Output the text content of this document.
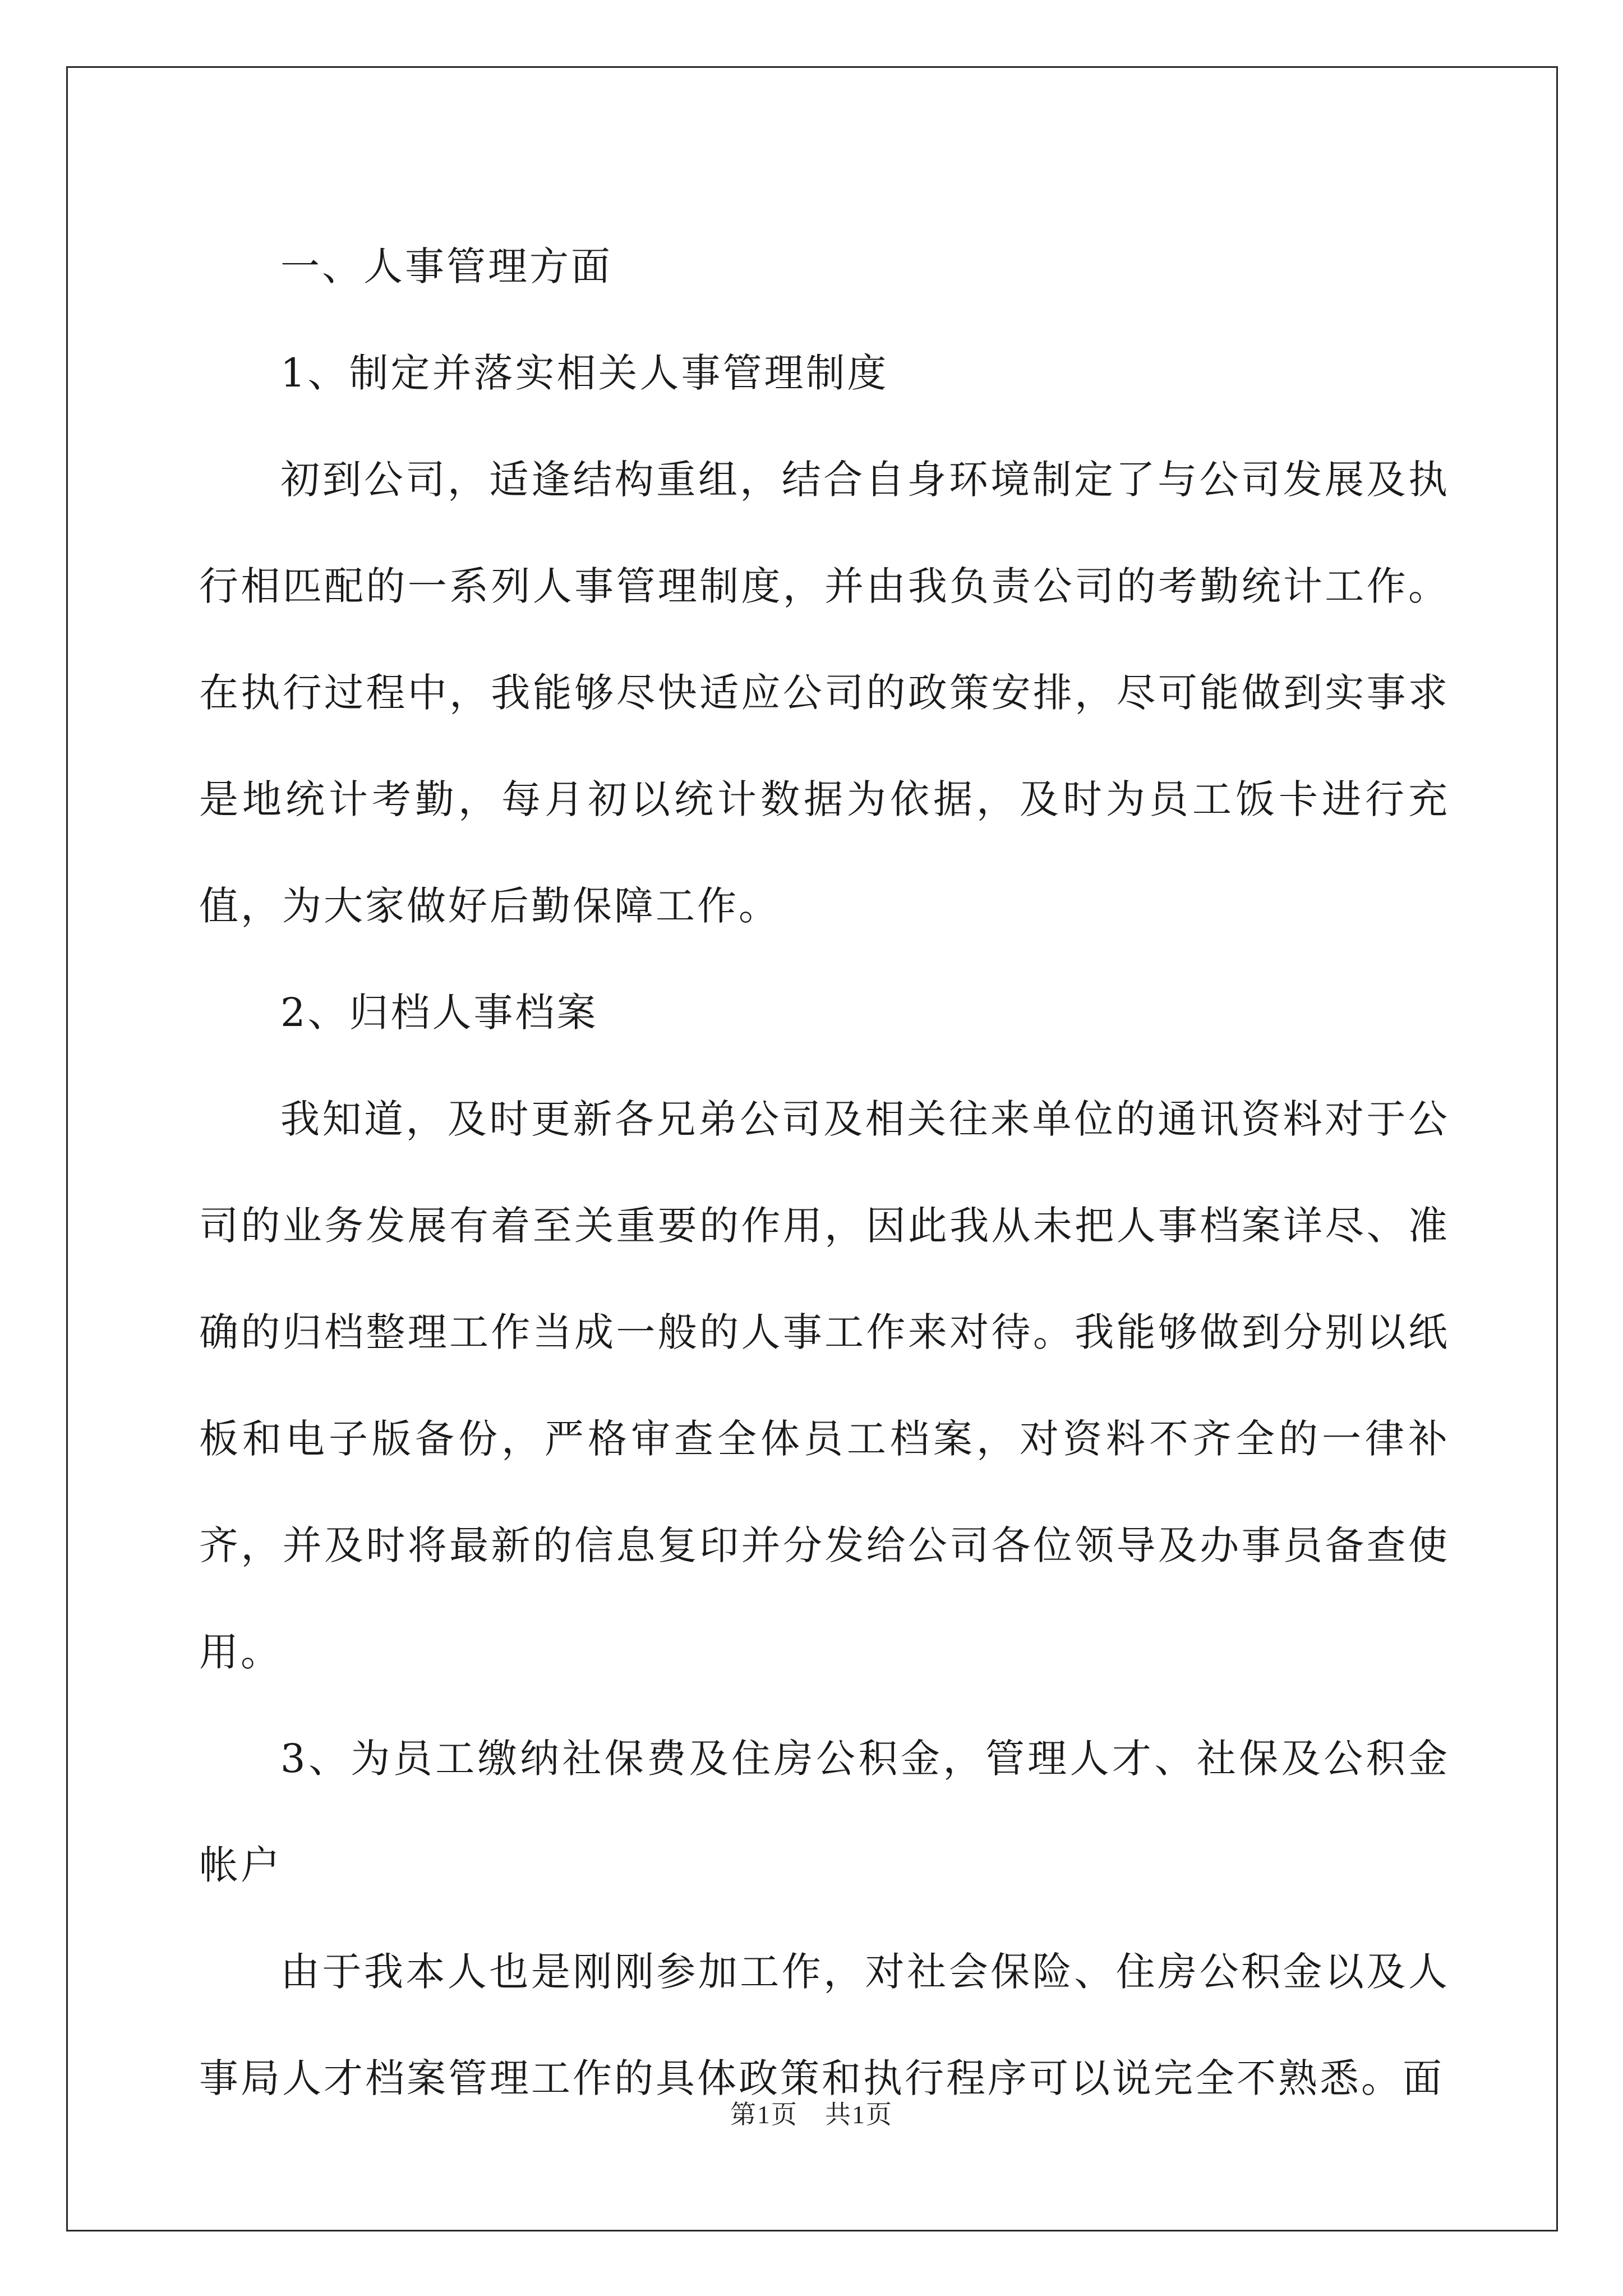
一、人事管理方面

1、制定并落实相关人事管理制度

初到公司，适逢结构重组，结合自身环境制定了与公司发展及执行相匹配的一系列人事管理制度，并由我负责公司的考勤统计工作。在执行过程中，我能够尽快适应公司的政策安排，尽可能做到实事求是地统计考勤，每月初以统计数据为依据，及时为员工饭卡进行充值，为大家做好后勤保障工作。

2、归档人事档案

我知道，及时更新各兄弟公司及相关往来单位的通讯资料对于公司的业务发展有着至关重要的作用，因此我从未把人事档案详尽、准确的归档整理工作当成一般的人事工作来对待。我能够做到分别以纸板和电子版备份，严格审查全体员工档案，对资料不齐全的一律补齐，并及时将最新的信息复印并分发给公司各位领导及办事员备查使用。

3、为员工缴纳社保费及住房公积金，管理人才、社保及公积金帐户

由于我本人也是刚刚参加工作，对社会保险、住房公积金以及人事局人才档案管理工作的具体政策和执行程序可以说完全不熟悉。面

第1页 共1页
